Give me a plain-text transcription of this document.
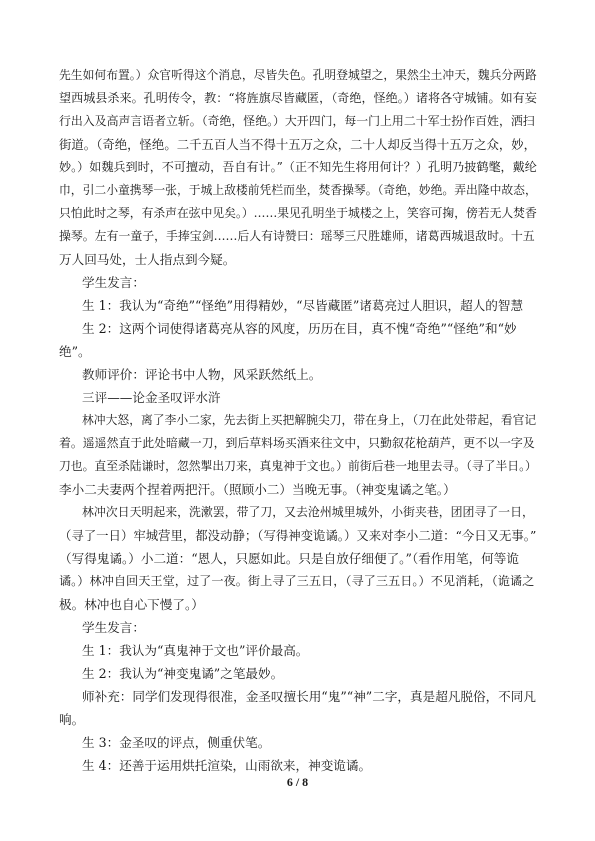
先生如何布置。）众官听得这个消息，尽皆失色。孔明登城望之，果然尘土冲天，魏兵分两路
望西城县杀来。孔明传令，教：“将旌旗尽皆藏匿，（奇绝，怪绝。）诸将各守城铺。如有妄
行出入及高声言语者立斩。（奇绝，怪绝。）大开四门，每一门上用二十军士扮作百姓，洒扫
街道。（奇绝，怪绝。二千五百人当不得十五万之众，二十人却反当得十五万之众，妙，
妙。）如魏兵到时，不可擅动，吾自有计。”（正不知先生将用何计？）孔明乃披鹤氅，戴纶
巾，引二小童携琴一张，于城上敌楼前凭栏而坐，焚香操琴。（奇绝，妙绝。弄出隆中故态，
只怕此时之琴，有杀声在弦中见矣。）……果见孔明坐于城楼之上，笑容可掬，傍若无人焚香
操琴。左有一童子，手捧宝剑……后人有诗赞曰：瑶琴三尺胜雄师，诸葛西城退敌时。十五
万人回马处，士人指点到今疑。
学生发言：
生 1：我认为“奇绝”“怪绝”用得精妙，“尽皆藏匿”诸葛亮过人胆识，超人的智慧
生 2：这两个词使得诸葛亮从容的风度，历历在目，真不愧“奇绝”“怪绝”和“妙
绝”。
教师评价：评论书中人物，风采跃然纸上。
三评——论金圣叹评水浒
林冲大怒，离了李小二家，先去街上买把解腕尖刀，带在身上，（刀在此处带起，看官记
着。遥遥然直于此处暗藏一刀，到后草料场买酒来往文中，只勤叙花枪葫芦，更不以一字及
刀也。直至杀陆谦时，忽然掣出刀来，真鬼神于文也。）前街后巷一地里去寻。（寻了半日。）
李小二夫妻两个捏着两把汗。（照顾小二）当晚无事。（神变鬼谲之笔。）
林冲次日天明起来，洗漱罢，带了刀，又去沧州城里城外，小街夹巷，团团寻了一日，
（寻了一日）牢城营里，都没动静；（写得神变诡谲。）又来对李小二道：“今日又无事。”
（写得鬼谲。）小二道：“恩人，只愿如此。只是自放仔细便了。”（看作用笔，何等诡
谲。）林冲自回天王堂，过了一夜。街上寻了三五日，（寻了三五日。）不见消耗，（诡谲之
极。林冲也自心下慢了。）
学生发言：
生 1：我认为“真鬼神于文也”评价最高。
生 2：我认为“神变鬼谲”之笔最妙。
师补充：同学们发现得很准，金圣叹擅长用“鬼”“神”二字，真是超凡脱俗，不同凡
响。
生 3：金圣叹的评点，侧重伏笔。
生 4：还善于运用烘托渲染，山雨欲来，神变诡谲。
6 / 8
